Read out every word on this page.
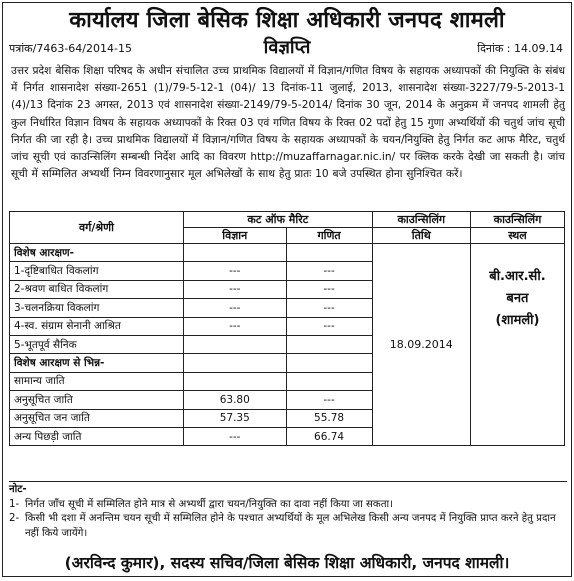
कार्यालय जिला बेसिक शिक्षा अधिकारी जनपद शामली
विज्ञप्ति
पत्रांक/7463-64/2014-15	दिनांक : 14.09.14
उत्तर प्रदेश बेसिक शिक्षा परिषद के अधीन संचालित उच्च प्राथमिक विद्यालयों में विज्ञान/गणित विषय के सहायक अध्यापकों की नियुक्ति के संबंध में निर्गत शासनादेश संख्या-2651 (1)/79-5-12-1 (04)/ 13 दिनांक-11 जुलाई, 2013, शासनादेश संख्या-3227/79-5-2013-1 (4)/13 दिनांक 23 अगस्त, 2013 एवं शासनादेश संख्या-2149/79-5-2014/ दिनांक 30 जून, 2014 के अनुक्रम में जनपद शामली हेतु कुल निर्धारित विज्ञान विषय के सहायक अध्यापकों के रिक्त 03 एवं गणित विषय के रिक्त 02 पदों हेतु 15 गुणा अभ्यर्थियों की चतुर्थ जांच सूची निर्गत की जा रही है। उच्च प्राथमिक विद्यालयों में विज्ञान/गणित विषय के सहायक अध्यापकों के चयन/नियुक्ति हेतु निर्गत कट आफ मैरिट, चतुर्थ जांच सूची एवं काउन्सिलिंग सम्बन्धी निर्देश आदि का विवरण http://muzaffarnagar.nic.in/ पर क्लिक करके देखी जा सकती है। जांच सूची में सम्मिलित अभ्यर्थी निम्न विवरणानुसार मूल अभिलेखों के साथ हेतु प्रातः 10 बजे उपस्थित होना सुनिश्चित करें।
वर्ग/श्रेणी	कट ऑफ मैरिट		काउन्सिलिंग	काउन्सिलिंग
	विज्ञान	गणित	तिथि	स्थल
विशेष आरक्षण-			18.09.2014	बी.आर.सी.
बनत
(शामली)

1-दृष्टिबाधित विकलांग	---	---		
2-श्रवण बाधित विकलांग	---	---		
3-चलनक्रिया विकलांग	---	---		
4-स्व. संग्राम सेनानी आश्रित	---	---		
5-भूतपूर्व सैनिक				
विशेष आरक्षण से भिन्न-				
सामान्य जाति				
अनुसूचित जाति	63.80	---		
अनुसूचित जन जाति	57.35	55.78		
अन्य पिछड़ी जाति	---	66.74		
नोट-
1- निर्गत जाँच सूची में सम्मिलित होने मात्र से अभ्यर्थी द्वारा चयन/नियुक्ति का दावा नहीं किया जा सकता।
2- किसी भी दशा में अनन्तिम चयन सूची में सम्मिलित होने के पश्चात अभ्यर्थियों के मूल अभिलेख किसी अन्य जनपद में नियुक्ति प्राप्त करने हेतु प्रदान नहीं किये जायेंगे।
(अरविन्द कुमार), सदस्य सचिव/जिला बेसिक शिक्षा अधिकारी, जनपद शामली।
